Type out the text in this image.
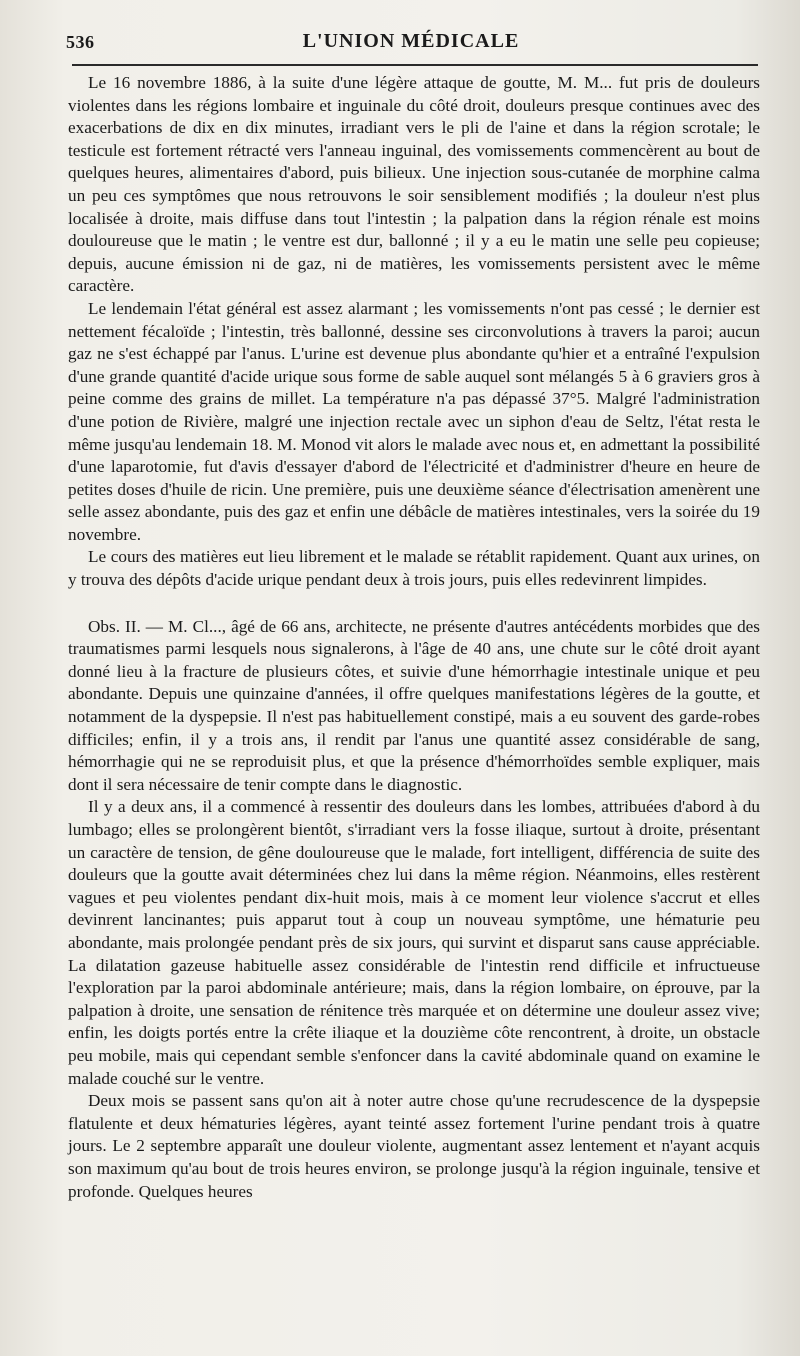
536	L'UNION MÉDICALE

Le 16 novembre 1886, à la suite d'une légère attaque de goutte, M. M... fut pris de douleurs violentes dans les régions lombaire et inguinale du côté droit, douleurs presque continues avec des exacerbations de dix en dix minutes, irradiant vers le pli de l'aine et dans la région scrotale; le testicule est fortement rétracté vers l'anneau inguinal, des vomissements commencèrent au bout de quelques heures, alimentaires d'abord, puis bilieux. Une injection sous-cutanée de morphine calma un peu ces symptômes que nous retrouvons le soir sensiblement modifiés ; la douleur n'est plus localisée à droite, mais diffuse dans tout l'intestin ; la palpation dans la région rénale est moins douloureuse que le matin ; le ventre est dur, ballonné ; il y a eu le matin une selle peu copieuse; depuis, aucune émission ni de gaz, ni de matières, les vomissements persistent avec le même caractère.

Le lendemain l'état général est assez alarmant ; les vomissements n'ont pas cessé ; le dernier est nettement fécaloïde ; l'intestin, très ballonné, dessine ses circonvolutions à travers la paroi; aucun gaz ne s'est échappé par l'anus. L'urine est devenue plus abondante qu'hier et a entraîné l'expulsion d'une grande quantité d'acide urique sous forme de sable auquel sont mélangés 5 à 6 graviers gros à peine comme des grains de millet. La température n'a pas dépassé 37°5. Malgré l'administration d'une potion de Rivière, malgré une injection rectale avec un siphon d'eau de Seltz, l'état resta le même jusqu'au lendemain 18. M. Monod vit alors le malade avec nous et, en admettant la possibilité d'une laparotomie, fut d'avis d'essayer d'abord de l'électricité et d'administrer d'heure en heure de petites doses d'huile de ricin. Une première, puis une deuxième séance d'électrisation amenèrent une selle assez abondante, puis des gaz et enfin une débâcle de matières intestinales, vers la soirée du 19 novembre.

Le cours des matières eut lieu librement et le malade se rétablit rapidement. Quant aux urines, on y trouva des dépôts d'acide urique pendant deux à trois jours, puis elles redevinrent limpides.

Obs. II. — M. Cl..., âgé de 66 ans, architecte, ne présente d'autres antécédents morbides que des traumatismes parmi lesquels nous signalerons, à l'âge de 40 ans, une chute sur le côté droit ayant donné lieu à la fracture de plusieurs côtes, et suivie d'une hémorrhagie intestinale unique et peu abondante. Depuis une quinzaine d'années, il offre quelques manifestations légères de la goutte, et notamment de la dyspepsie. Il n'est pas habituellement constipé, mais a eu souvent des garde-robes difficiles; enfin, il y a trois ans, il rendit par l'anus une quantité assez considérable de sang, hémorrhagie qui ne se reproduisit plus, et que la présence d'hémorrhoïdes semble expliquer, mais dont il sera nécessaire de tenir compte dans le diagnostic.

Il y a deux ans, il a commencé à ressentir des douleurs dans les lombes, attribuées d'abord à du lumbago; elles se prolongèrent bientôt, s'irradiant vers la fosse iliaque, surtout à droite, présentant un caractère de tension, de gêne douloureuse que le malade, fort intelligent, différencia de suite des douleurs que la goutte avait déterminées chez lui dans la même région. Néanmoins, elles restèrent vagues et peu violentes pendant dix-huit mois, mais à ce moment leur violence s'accrut et elles devinrent lancinantes; puis apparut tout à coup un nouveau symptôme, une hématurie peu abondante, mais prolongée pendant près de six jours, qui survint et disparut sans cause appréciable. La dilatation gazeuse habituelle assez considérable de l'intestin rend difficile et infructueuse l'exploration par la paroi abdominale antérieure; mais, dans la région lombaire, on éprouve, par la palpation à droite, une sensation de rénitence très marquée et on détermine une douleur assez vive; enfin, les doigts portés entre la crête iliaque et la douzième côte rencontrent, à droite, un obstacle peu mobile, mais qui cependant semble s'enfoncer dans la cavité abdominale quand on examine le malade couché sur le ventre.

Deux mois se passent sans qu'on ait à noter autre chose qu'une recrudescence de la dyspepsie flatulente et deux hématuries légères, ayant teinté assez fortement l'urine pendant trois à quatre jours. Le 2 septembre apparaît une douleur violente, augmentant assez lentement et n'ayant acquis son maximum qu'au bout de trois heures environ, se prolonge jusqu'à la région inguinale, tensive et profonde. Quelques heures
